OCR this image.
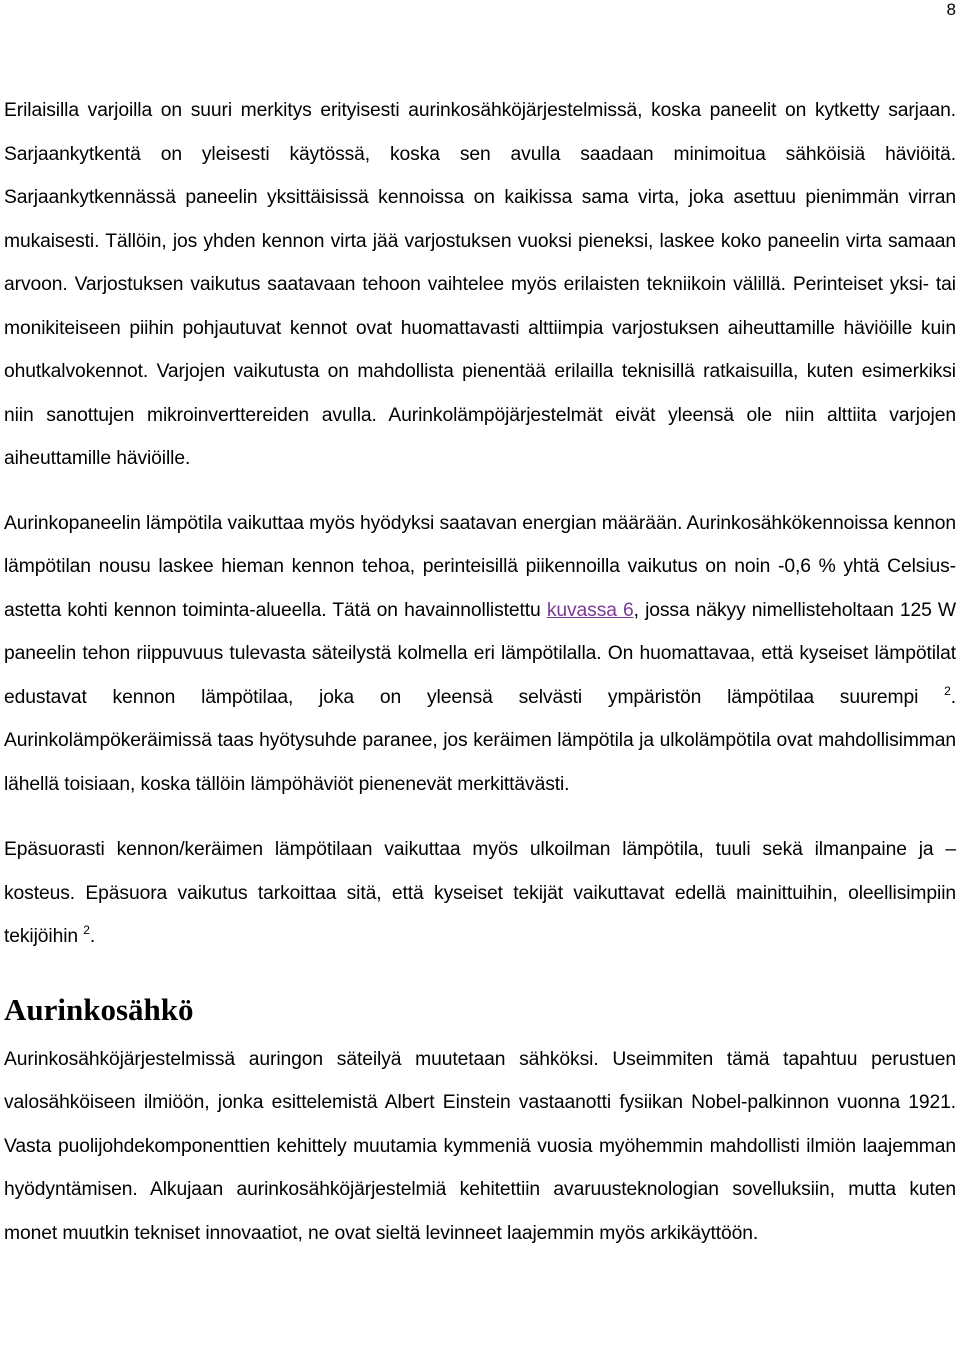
8

Erilaisilla varjoilla on suuri merkitys erityisesti aurinkosähköjärjestelmissä, koska paneelit on kytketty sarjaan. Sarjaankytkentä on yleisesti käytössä, koska sen avulla saadaan minimoitua sähköisiä häviöitä. Sarjaankytkennässä paneelin yksittäisissä kennoissa on kaikissa sama virta, joka asettuu pienimmän virran mukaisesti. Tällöin, jos yhden kennon virta jää varjostuksen vuoksi pieneksi, laskee koko paneelin virta samaan arvoon. Varjostuksen vaikutus saatavaan tehoon vaihtelee myös erilaisten tekniikoin välillä. Perinteiset yksi- tai monikiteiseen piihin pohjautuvat kennot ovat huomattavasti alttiimpia varjostuksen aiheuttamille häviöille kuin ohutkalvokennot. Varjojen vaikutusta on mahdollista pienentää erilailla teknisillä ratkaisuilla, kuten esimerkiksi niin sanottujen mikroinverttereiden avulla. Aurinkolämpöjärjestelmät eivät yleensä ole niin alttiita varjojen aiheuttamille häviöille.

Aurinkopaneelin lämpötila vaikuttaa myös hyödyksi saatavan energian määrään. Aurinkosähkökennoissa kennon lämpötilan nousu laskee hieman kennon tehoa, perinteisillä piikennoilla vaikutus on noin -0,6 % yhtä Celsius-astetta kohti kennon toiminta-alueella. Tätä on havainnollistettu kuvassa 6, jossa näkyy nimellisteholtaan 125 W paneelin tehon riippuvuus tulevasta säteilystä kolmella eri lämpötilalla. On huomattavaa, että kyseiset lämpötilat edustavat kennon lämpötilaa, joka on yleensä selvästi ympäristön lämpötilaa suurempi $^2$. Aurinkolämpökeräimissä taas hyötysuhde paranee, jos keräimen lämpötila ja ulkolämpötila ovat mahdollisimman lähellä toisiaan, koska tällöin lämpöhäviöt pienenevät merkittävästi.

Epäsuorasti kennon/keräimen lämpötilaan vaikuttaa myös ulkoilman lämpötila, tuuli sekä ilmanpaine ja – kosteus. Epäsuora vaikutus tarkoittaa sitä, että kyseiset tekijät vaikuttavat edellä mainittuihin, oleellisimpiin tekijöihin $^2$.

Aurinkosähkö

Aurinkosähköjärjestelmissä auringon säteilyä muutetaan sähköksi. Useimmiten tämä tapahtuu perustuen valosähköiseen ilmiöön, jonka esittelemistä Albert Einstein vastaanotti fysiikan Nobel-palkinnon vuonna 1921. Vasta puolijohdekomponenttien kehittely muutamia kymmeniä vuosia myöhemmin mahdollisti ilmiön laajemman hyödyntämisen. Alkujaan aurinkosähköjärjestelmiä kehitettiin avaruusteknologian sovelluksiin, mutta kuten monet muutkin tekniset innovaatiot, ne ovat sieltä levinneet laajemmin myös arkikäyttöön.
